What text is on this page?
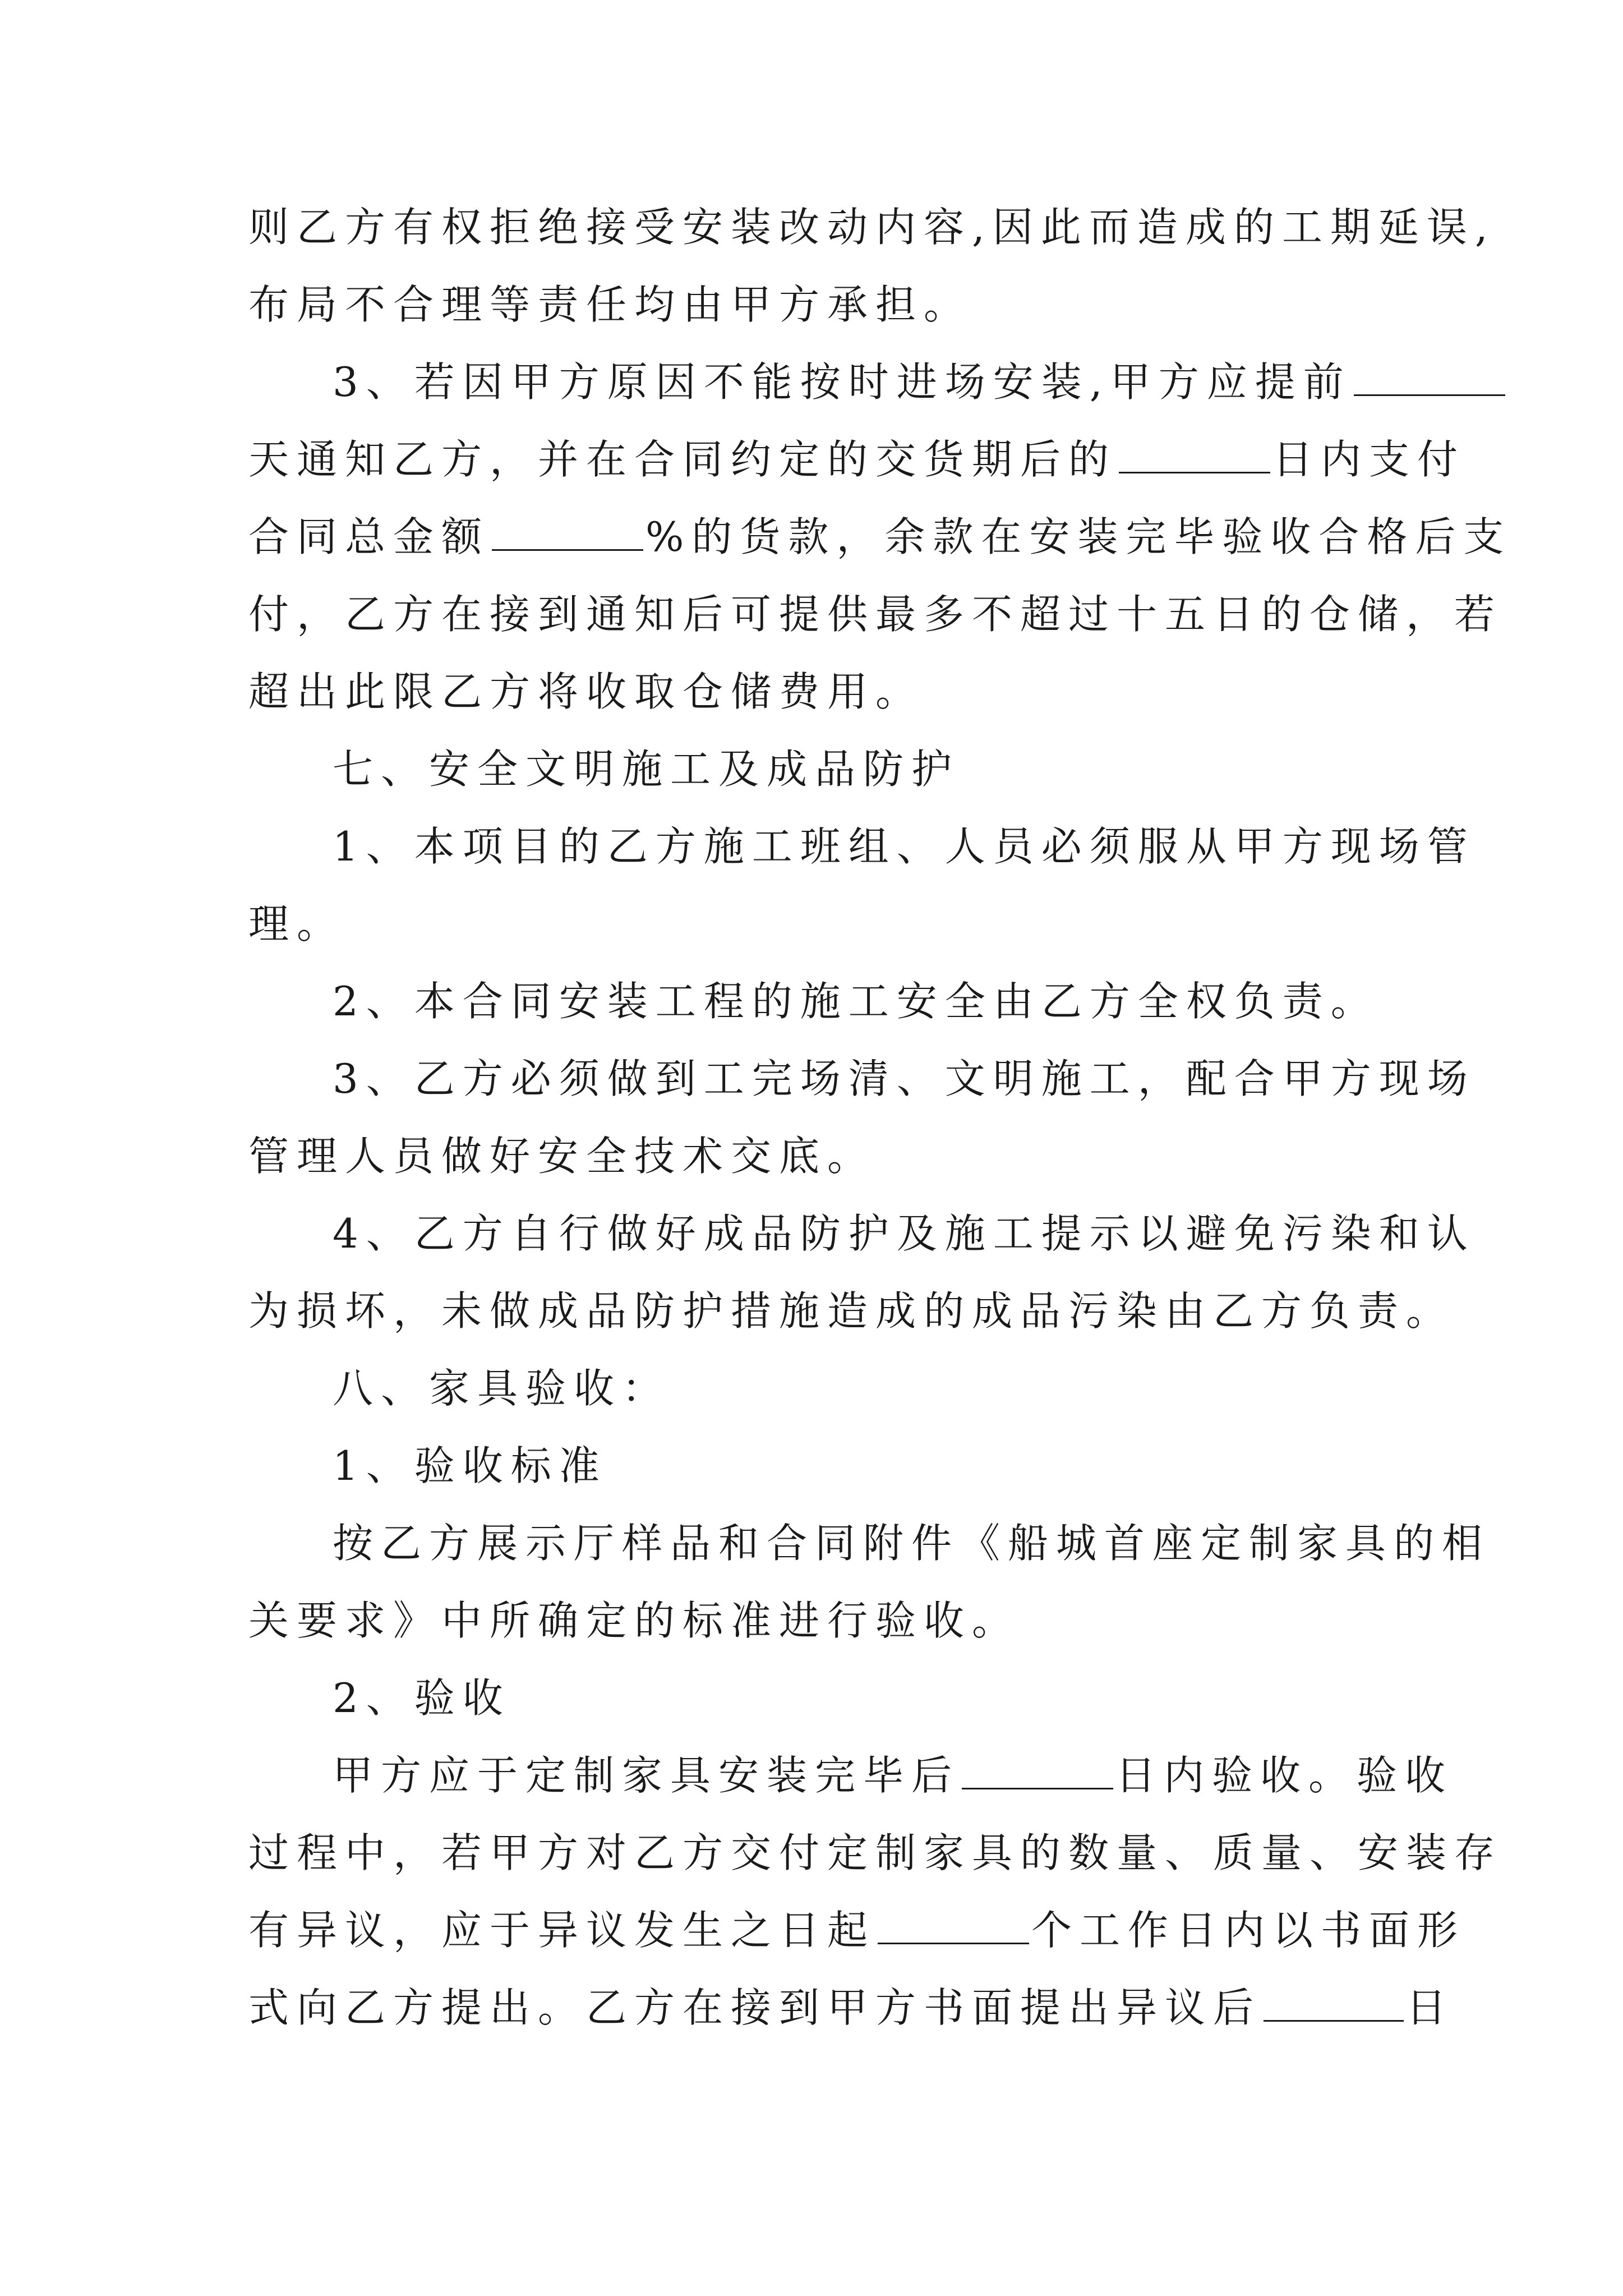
则乙方有权拒绝接受安装改动内容,因此而造成的工期延误,
布局不合理等责任均由甲方承担。
3、若因甲方原因不能按时进场安装,甲方应提前
天通知乙方，并在合同约定的交货期后的	日内支付
合同总金额	%的货款，余款在安装完毕验收合格后支
付，乙方在接到通知后可提供最多不超过十五日的仓储，若
超出此限乙方将收取仓储费用。
七、安全文明施工及成品防护
1、本项目的乙方施工班组、人员必须服从甲方现场管
理。
2、本合同安装工程的施工安全由乙方全权负责。
3、乙方必须做到工完场清、文明施工，配合甲方现场
管理人员做好安全技术交底。
4、乙方自行做好成品防护及施工提示以避免污染和认
为损坏，未做成品防护措施造成的成品污染由乙方负责。
八、家具验收：
1、验收标准
按乙方展示厅样品和合同附件《船城首座定制家具的相
关要求》中所确定的标准进行验收。
2、验收
甲方应于定制家具安装完毕后	日内验收。验收
过程中，若甲方对乙方交付定制家具的数量、质量、安装存
有异议，应于异议发生之日起	个工作日内以书面形
式向乙方提出。乙方在接到甲方书面提出异议后	日
